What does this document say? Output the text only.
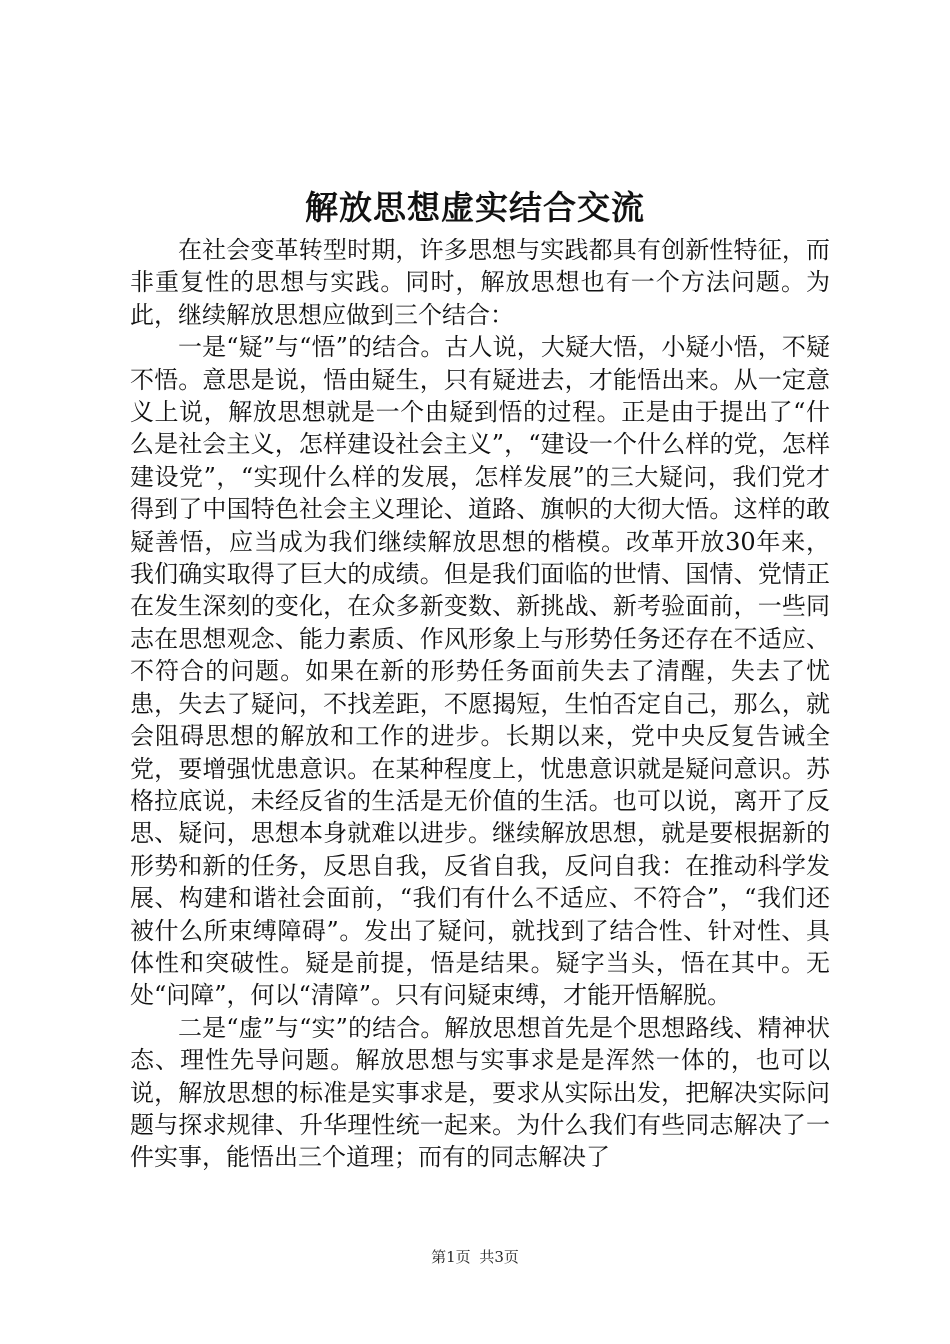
解放思想虚实结合交流

在社会变革转型时期，许多思想与实践都具有创新性特征，而非重复性的思想与实践。同时，解放思想也有一个方法问题。为此，继续解放思想应做到三个结合：

一是“疑”与“悟”的结合。古人说，大疑大悟，小疑小悟，不疑不悟。意思是说，悟由疑生，只有疑进去，才能悟出来。从一定意义上说，解放思想就是一个由疑到悟的过程。正是由于提出了“什么是社会主义，怎样建设社会主义”，“建设一个什么样的党，怎样建设党”，“实现什么样的发展，怎样发展”的三大疑问，我们党才得到了中国特色社会主义理论、道路、旗帜的大彻大悟。这样的敢疑善悟，应当成为我们继续解放思想的楷模。改革开放30年来，我们确实取得了巨大的成绩。但是我们面临的世情、国情、党情正在发生深刻的变化，在众多新变数、新挑战、新考验面前，一些同志在思想观念、能力素质、作风形象上与形势任务还存在不适应、不符合的问题。如果在新的形势任务面前失去了清醒，失去了忧患，失去了疑问，不找差距，不愿揭短，生怕否定自己，那么，就会阻碍思想的解放和工作的进步。长期以来，党中央反复告诫全党，要增强忧患意识。在某种程度上，忧患意识就是疑问意识。苏格拉底说，未经反省的生活是无价值的生活。也可以说，离开了反思、疑问，思想本身就难以进步。继续解放思想，就是要根据新的形势和新的任务，反思自我，反省自我，反问自我：在推动科学发展、构建和谐社会面前，“我们有什么不适应、不符合”，“我们还被什么所束缚障碍”。发出了疑问，就找到了结合性、针对性、具体性和突破性。疑是前提，悟是结果。疑字当头，悟在其中。无处“问障”，何以“清障”。只有问疑束缚，才能开悟解脱。

二是“虚”与“实”的结合。解放思想首先是个思想路线、精神状态、理性先导问题。解放思想与实事求是是浑然一体的，也可以说，解放思想的标准是实事求是，要求从实际出发，把解决实际问题与探求规律、升华理性统一起来。为什么我们有些同志解决了一件实事，能悟出三个道理；而有的同志解决了

第1页 共3页
